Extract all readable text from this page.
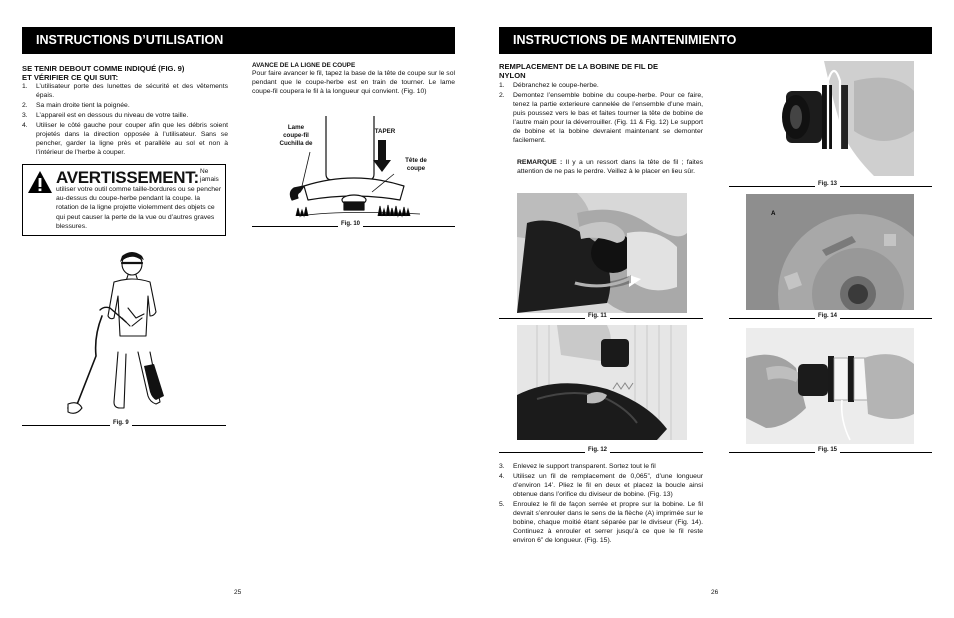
INSTRUCTIONS D’UTILISATION
SE TENIR DEBOUT COMME INDIQUÉ (FIG. 9)
ET VÉRIFIER CE QUI SUIT:
1. L’utilisateur porte des lunettes de sécurité et des vêtements épais.
2. Sa main droite tient la poignée.
3. L’appareil est en dessous du niveau de votre taille.
4. Utiliser le côté gauche pour couper afin que les débris soient projetés dans la direction opposée à l’utilisateur. Sans se pencher, garder la ligne près et parallèle au sol et non à l’intérieur de l’herbe à couper.
AVERTISSEMENT: Ne jamais
utiliser votre outil comme taille-bordures ou se pencher au-dessus du coupe-herbe pendant la coupe. la rotation de la ligne projette violemment des objets ce qui peut causer la perte de la vue ou d’autres graves blessures.
Fig. 9
AVANCE DE LA LIGNE DE COUPE
Pour faire avancer le fil, tapez la base de la tête de coupe sur le sol pendant que le coupe-herbe est en train de tourner. Le lame coupe-fil coupera le fil à la longueur qui convient. (Fig. 10)
Lame
coupe-fil
Cuchilla de
TAPER
Tête de
coupe
Fig. 10
25
INSTRUCTIONS DE MANTENIMIENTO
REMPLACEMENT DE LA BOBINE DE FIL DE
NYLON
1. Débranchez le coupe-herbe.
2. Demontez l’ensemble bobine du coupe-herbe. Pour ce faire, tenez la partie exterieure cannelée de l’ensemble d’une main, puis poussez vers le bas et faites tourner la tête de bobine de l’autre main pour la déverrouiller. (Fig. 11 & Fig. 12) Le support de bobine et la bobine devraient maintenant se demonter facilement.
REMARQUE : Il y a un ressort dans la tête de fil ; faites attention de ne pas le perdre. Veillez à le placer en lieu sûr.
Fig. 11
Fig. 12
3. Enlevez le support transparent. Sortez tout le fil
4. Utilisez un fil de remplacement de 0,065”, d’une longueur d’environ 14’. Pliez le fil en deux et placez la boucle ainsi obtenue dans l’orifice du diviseur de bobine. (Fig. 13)
5. Enroulez le fil de façon serrée et propre sur la bobine. Le fil devrait s’enrouler dans le sens de la flèche (A) imprimée sur le bobine, chaque moitié étant séparée par le diviseur (Fig. 14). Continuez à enrouler et serrer jusqu’à ce que le fil reste environ 6” de longueur. (Fig. 15).
Fig. 13
A
Fig. 14
Fig. 15
26
